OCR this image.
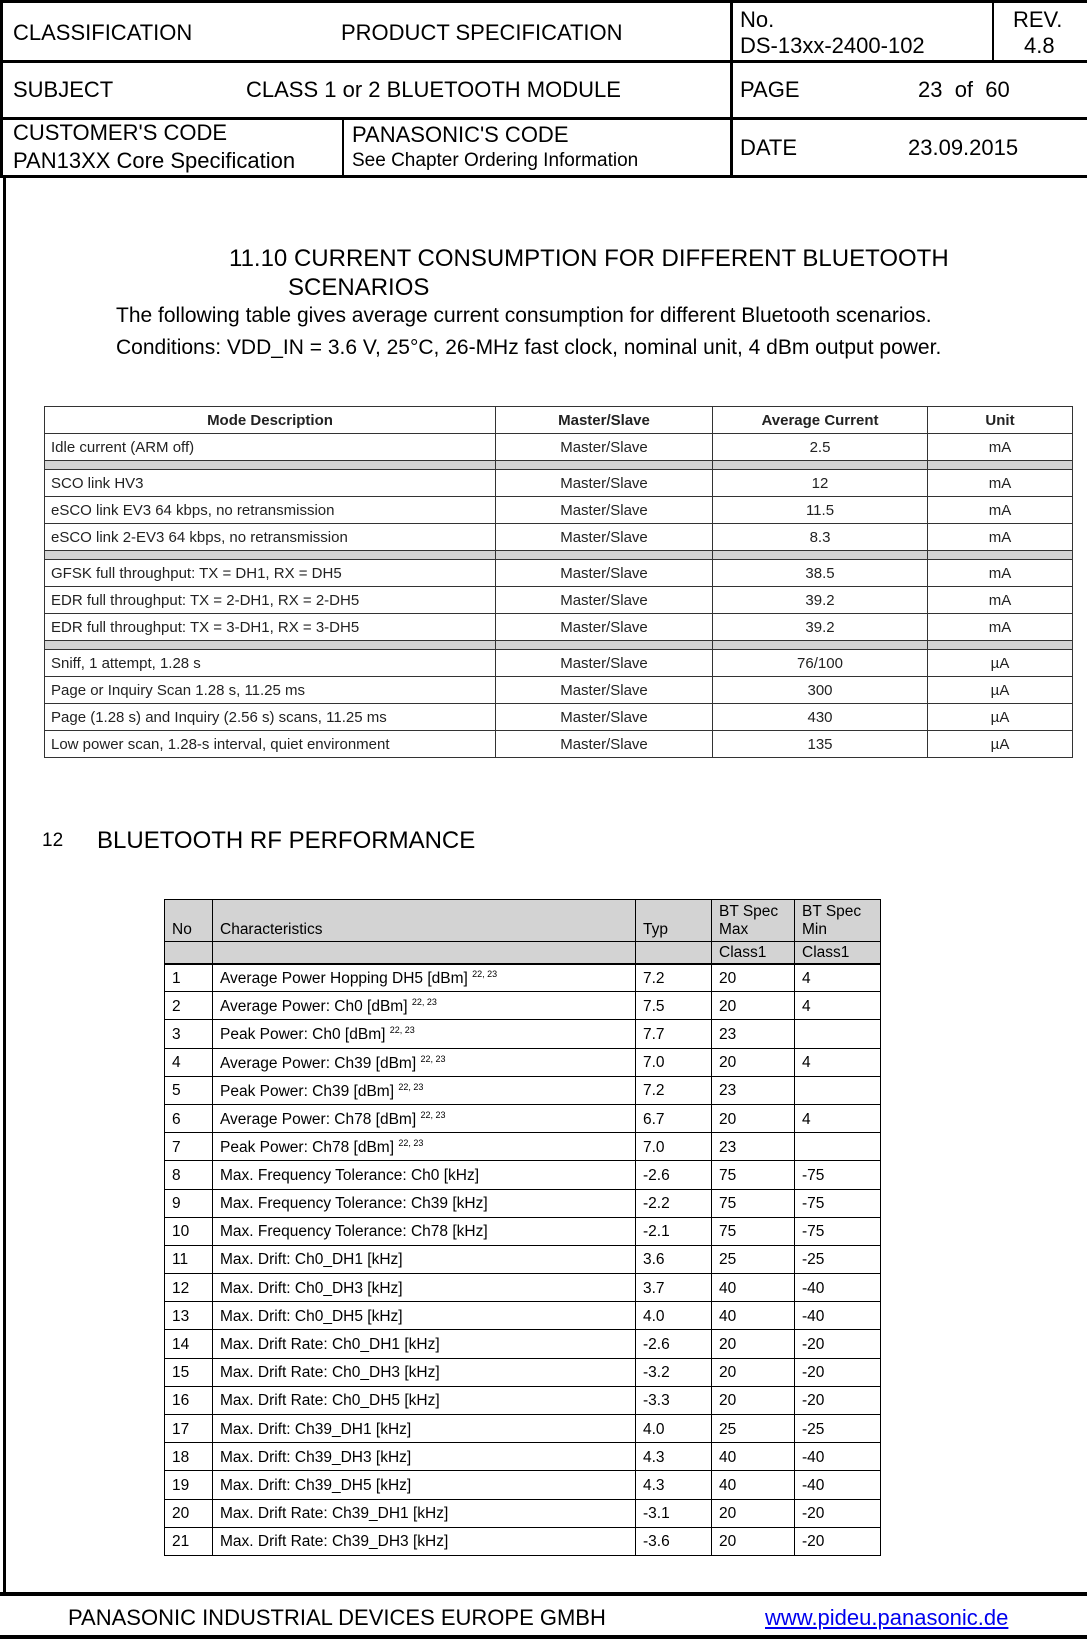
CLASSIFICATION	PRODUCT SPECIFICATION
No.
DS-13xx-2400-102
REV.
4.8
SUBJECT	CLASS 1 or 2 BLUETOOTH MODULE	PAGE	23  of  60
CUSTOMER'S CODE
PAN13XX Core Specification
PANASONIC'S CODE
See Chapter Ordering Information
DATE	23.09.2015
11.10 CURRENT CONSUMPTION FOR DIFFERENT BLUETOOTH
SCENARIOS
The following table gives average current consumption for different Bluetooth scenarios.
Conditions: VDD_IN = 3.6 V, 25°C, 26-MHz fast clock, nominal unit, 4 dBm output power.
Mode Description	Master/Slave	Average Current	Unit
Idle current (ARM off)	Master/Slave	2.5	mA

SCO link HV3	Master/Slave	12	mA
eSCO link EV3 64 kbps, no retransmission	Master/Slave	11.5	mA
eSCO link 2-EV3 64 kbps, no retransmission	Master/Slave	8.3	mA

GFSK full throughput: TX = DH1, RX = DH5	Master/Slave	38.5	mA
EDR full throughput: TX = 2-DH1, RX = 2-DH5	Master/Slave	39.2	mA
EDR full throughput: TX = 3-DH1, RX = 3-DH5	Master/Slave	39.2	mA

Sniff, 1 attempt, 1.28 s	Master/Slave	76/100	µA
Page or Inquiry Scan 1.28 s, 11.25 ms	Master/Slave	300	µA
Page (1.28 s) and Inquiry (2.56 s) scans, 11.25 ms	Master/Slave	430	µA
Low power scan, 1.28-s interval, quiet environment	Master/Slave	135	µA
12 BLUETOOTH RF PERFORMANCE
No	Characteristics	Typ	BT Spec Max	BT Spec Min
			Class1	Class1
1	Average Power Hopping DH5 [dBm] $^{22, 23}$	7.2	20	4
2	Average Power: Ch0 [dBm] $^{22, 23}$	7.5	20	4
3	Peak Power: Ch0 [dBm] $^{22, 23}$	7.7	23	
4	Average Power: Ch39 [dBm] $^{22, 23}$	7.0	20	4
5	Peak Power: Ch39 [dBm] $^{22, 23}$	7.2	23	
6	Average Power: Ch78 [dBm] $^{22, 23}$	6.7	20	4
7	Peak Power: Ch78 [dBm] $^{22, 23}$	7.0	23	
8	Max. Frequency Tolerance: Ch0 [kHz]	-2.6	75	-75
9	Max. Frequency Tolerance: Ch39 [kHz]	-2.2	75	-75
10	Max. Frequency Tolerance: Ch78 [kHz]	-2.1	75	-75
11	Max. Drift: Ch0_DH1 [kHz]	3.6	25	-25
12	Max. Drift: Ch0_DH3 [kHz]	3.7	40	-40
13	Max. Drift: Ch0_DH5 [kHz]	4.0	40	-40
14	Max. Drift Rate: Ch0_DH1 [kHz]	-2.6	20	-20
15	Max. Drift Rate: Ch0_DH3 [kHz]	-3.2	20	-20
16	Max. Drift Rate: Ch0_DH5 [kHz]	-3.3	20	-20
17	Max. Drift: Ch39_DH1 [kHz]	4.0	25	-25
18	Max. Drift: Ch39_DH3 [kHz]	4.3	40	-40
19	Max. Drift: Ch39_DH5 [kHz]	4.3	40	-40
20	Max. Drift Rate: Ch39_DH1 [kHz]	-3.1	20	-20
21	Max. Drift Rate: Ch39_DH3 [kHz]	-3.6	20	-20
PANASONIC INDUSTRIAL DEVICES EUROPE GMBH	www.pideu.panasonic.de
